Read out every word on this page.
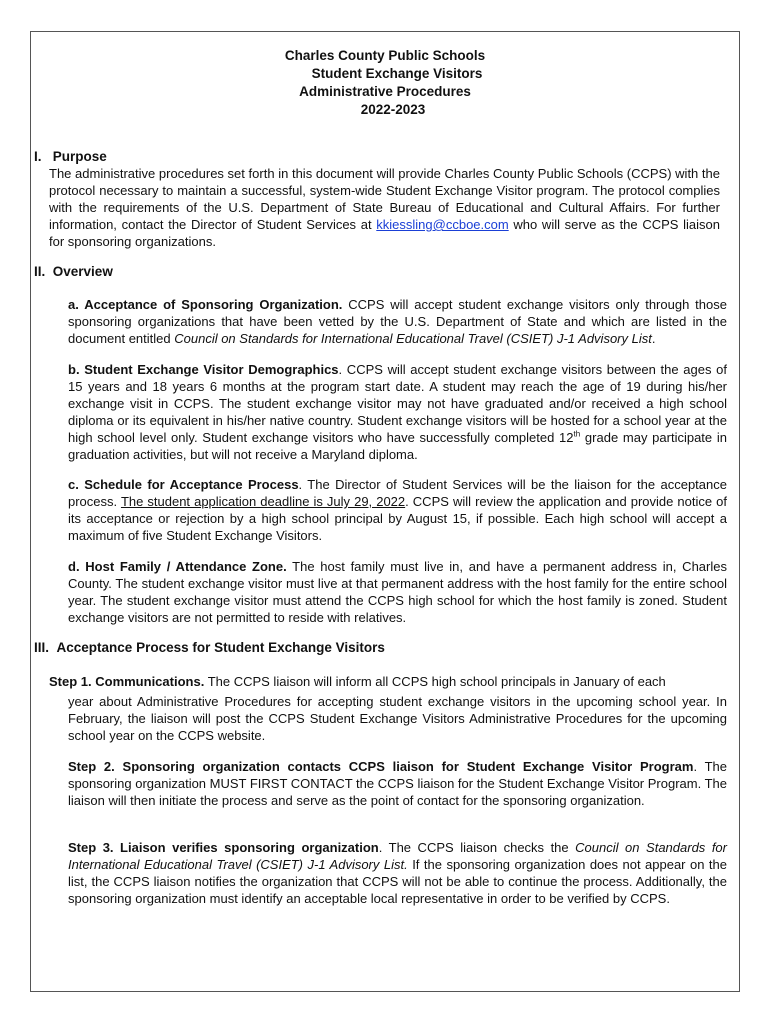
Charles County Public Schools
Student Exchange Visitors
Administrative Procedures
2022-2023
I. Purpose
The administrative procedures set forth in this document will provide Charles County Public Schools (CCPS) with the protocol necessary to maintain a successful, system-wide Student Exchange Visitor program. The protocol complies with the requirements of the U.S. Department of State Bureau of Educational and Cultural Affairs. For further information, contact the Director of Student Services at kkiessling@ccboe.com who will serve as the CCPS liaison for sponsoring organizations.
II. Overview
a. Acceptance of Sponsoring Organization. CCPS will accept student exchange visitors only through those sponsoring organizations that have been vetted by the U.S. Department of State and which are listed in the document entitled Council on Standards for International Educational Travel (CSIET) J-1 Advisory List.
b. Student Exchange Visitor Demographics. CCPS will accept student exchange visitors between the ages of 15 years and 18 years 6 months at the program start date. A student may reach the age of 19 during his/her exchange visit in CCPS. The student exchange visitor may not have graduated and/or received a high school diploma or its equivalent in his/her native country. Student exchange visitors will be hosted for a school year at the high school level only. Student exchange visitors who have successfully completed 12th grade may participate in graduation activities, but will not receive a Maryland diploma.
c. Schedule for Acceptance Process. The Director of Student Services will be the liaison for the acceptance process. The student application deadline is July 29, 2022. CCPS will review the application and provide notice of its acceptance or rejection by a high school principal by August 15, if possible. Each high school will accept a maximum of five Student Exchange Visitors.
d. Host Family / Attendance Zone. The host family must live in, and have a permanent address in, Charles County. The student exchange visitor must live at that permanent address with the host family for the entire school year. The student exchange visitor must attend the CCPS high school for which the host family is zoned. Student exchange visitors are not permitted to reside with relatives.
III. Acceptance Process for Student Exchange Visitors
Step 1. Communications. The CCPS liaison will inform all CCPS high school principals in January of each
year about Administrative Procedures for accepting student exchange visitors in the upcoming school year. In February, the liaison will post the CCPS Student Exchange Visitors Administrative Procedures for the upcoming school year on the CCPS website.
Step 2. Sponsoring organization contacts CCPS liaison for Student Exchange Visitor Program. The sponsoring organization MUST FIRST CONTACT the CCPS liaison for the Student Exchange Visitor Program. The liaison will then initiate the process and serve as the point of contact for the sponsoring organization.
Step 3. Liaison verifies sponsoring organization. The CCPS liaison checks the Council on Standards for International Educational Travel (CSIET) J-1 Advisory List. If the sponsoring organization does not appear on the list, the CCPS liaison notifies the organization that CCPS will not be able to continue the process. Additionally, the sponsoring organization must identify an acceptable local representative in order to be verified by CCPS.
